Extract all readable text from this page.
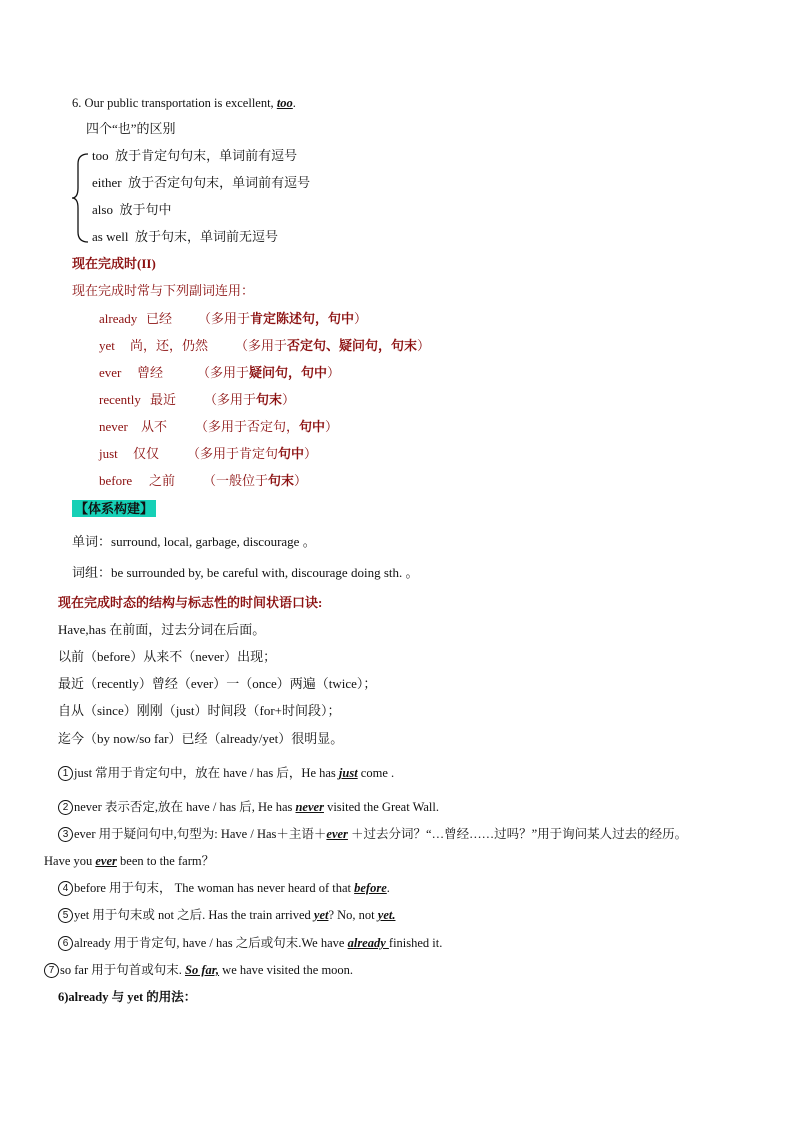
6. Our public transportation is excellent, too.
四个“也”的区别
too 放于肯定句句末，单词前有逗号
either 放于否定句句末，单词前有逗号
also 放于句中
as well 放于句末，单词前无逗号
现在完成时(II)
现在完成时常与下列副词连用：
already 已经 （多用于肯定陈述句，句中）
yet 尚，还，仍然 （多用于否定句、疑问句，句末）
ever 曾经	（多用于疑问句，句中）
recently 最近 （多用于句末）
never 从不 （多用于否定句，句中）
just 仅仅 （多用于肯定句句中）
before 之前 （一般位于句末）
【体系构建】
单词：surround, local, garbage, discourage 。
词组：be surrounded by, be careful with, discourage doing sth. 。
现在完成时态的结构与标志性的时间状语口诀:
Have,has 在前面，过去分词在后面。
以前（before）从来不（never）出现；
最近（recently）曾经（ever）一（once）两遍（twice）；
自从（since）刚刚（just）时间段（for+时间段）；
迄今（by now/so far）已经（already/yet）很明显。
1 just 常用于肯定句中，放在 have / has 后，He has just come .
2 never 表示否定,放在 have / has 后, He has never visited the Great Wall.
3 ever 用于疑问句中,句型为: Have / Has＋主语＋ever ＋过去分词？“…曾经……过吗？”用于询问某人过去的经历。
Have you ever been to the farm？
4 before 用于句末， The woman has never heard of that before.
5 yet 用于句末或 not 之后. Has the train arrived yet? No, not yet.
6 already 用于肯定句, have / has 之后或句末.We have already finished it.
7 so far 用于句首或句末. So far, we have visited the moon.
6)already 与 yet 的用法：
